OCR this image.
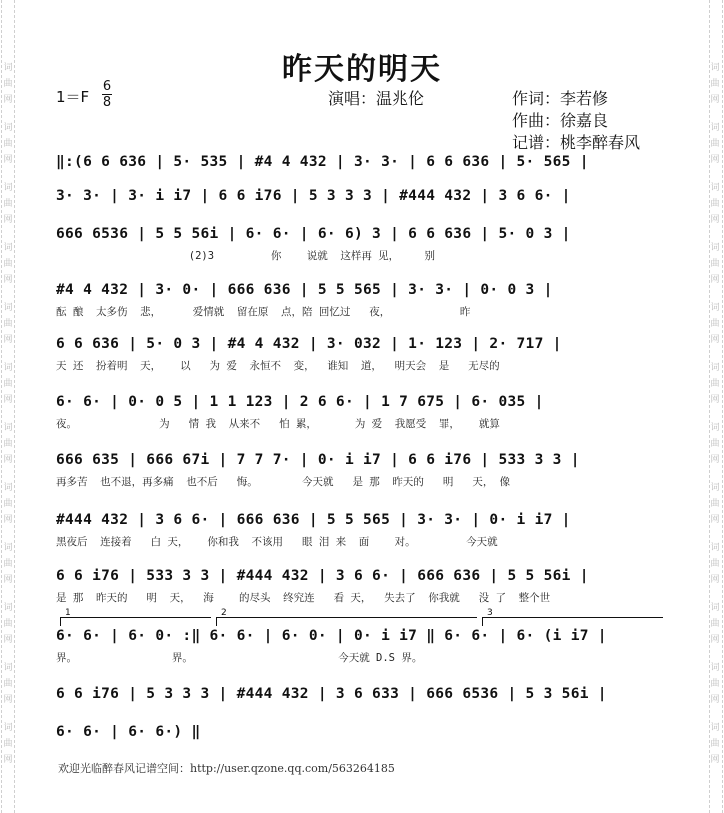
词
曲
网
词
曲
网
词
曲
网
词
曲
网
词
曲
网
词
曲
网
词
曲
网
词
曲
网
词
曲
网
词
曲
网
词
曲
网
词
曲
网
词
曲
网
词
曲
网
词
曲
网
词
曲
网
词
曲
网
词
曲
网
词
曲
网
词
曲
网
词
曲
网
词
曲
网
词
曲
网
词
曲
网
昨天的明天
1＝F
6
8	演唱：温兆伦	作词：李若修
作曲：徐嘉良
记谱：桃李醉春风
‖:(6 6 636 | 5· 535 | #4 4 432 | 3· 3· | 6 6 636 | 5· 565 |
3· 3· | 3· i i7 | 6 6 i76 | 5 3 3 3 | #444 432 | 3 6 6· |
666 6536 | 5 5 56i | 6· 6· | 6· 6) 3 | 6 6 636 | 5· 0 3 |
(2)3         你    说就  这样再 见，    别
#4 4 432 | 3· 0· | 666 636 | 5 5 565 | 3· 3· | 0· 0 3 |
酝 酿  太多伤  悲，     爱情就  留在原  点，陪 回忆过   夜，           昨
6 6 636 | 5· 0 3 | #4 4 432 | 3· 032 | 1· 123 | 2· 717 |
天 还  扮着明  天，   以   为 爱  永恒不  变，  谁知  道，  明天会  是   无尽的
6· 6· | 0· 0 5 | 1 1 123 | 2 6 6· | 1 7 675 | 6· 035 |
夜。             为   情 我  从来不   怕 累，      为 爱  我愿受  罪，   就算
666 635 | 666 67i | 7 7 7· | 0· i i7 | 6 6 i76 | 533 3 3 |
再多苦  也不退，再多痛  也不后   悔。       今天就   是 那  昨天的   明   天， 像
#444 432 | 3 6 6· | 666 636 | 5 5 565 | 3· 3· | 0· i i7 |
黑夜后  连接着   白 天，   你和我  不该用   眼 泪 来  面    对。        今天就
6 6 i76 | 533 3 3 | #444 432 | 3 6 6· | 666 636 | 5 5 56i |
是 那  昨天的   明  天，  海    的尽头  终究连   看 天，  失去了  你我就   没 了  整个世
6· 6· | 6· 0· :‖ 6· 6· | 6· 0· | 0· i i7 ‖ 6· 6· | 6· (i i7 |
界。               界。                       今天就 D.S 界。
6 6 i76 | 5 3 3 3 | #444 432 | 3 6 633 | 666 6536 | 5 3 56i |
6· 6· | 6· 6·) ‖
1	2	3
欢迎光临醉春风记谱空间：http://user.qzone.qq.com/563264185
